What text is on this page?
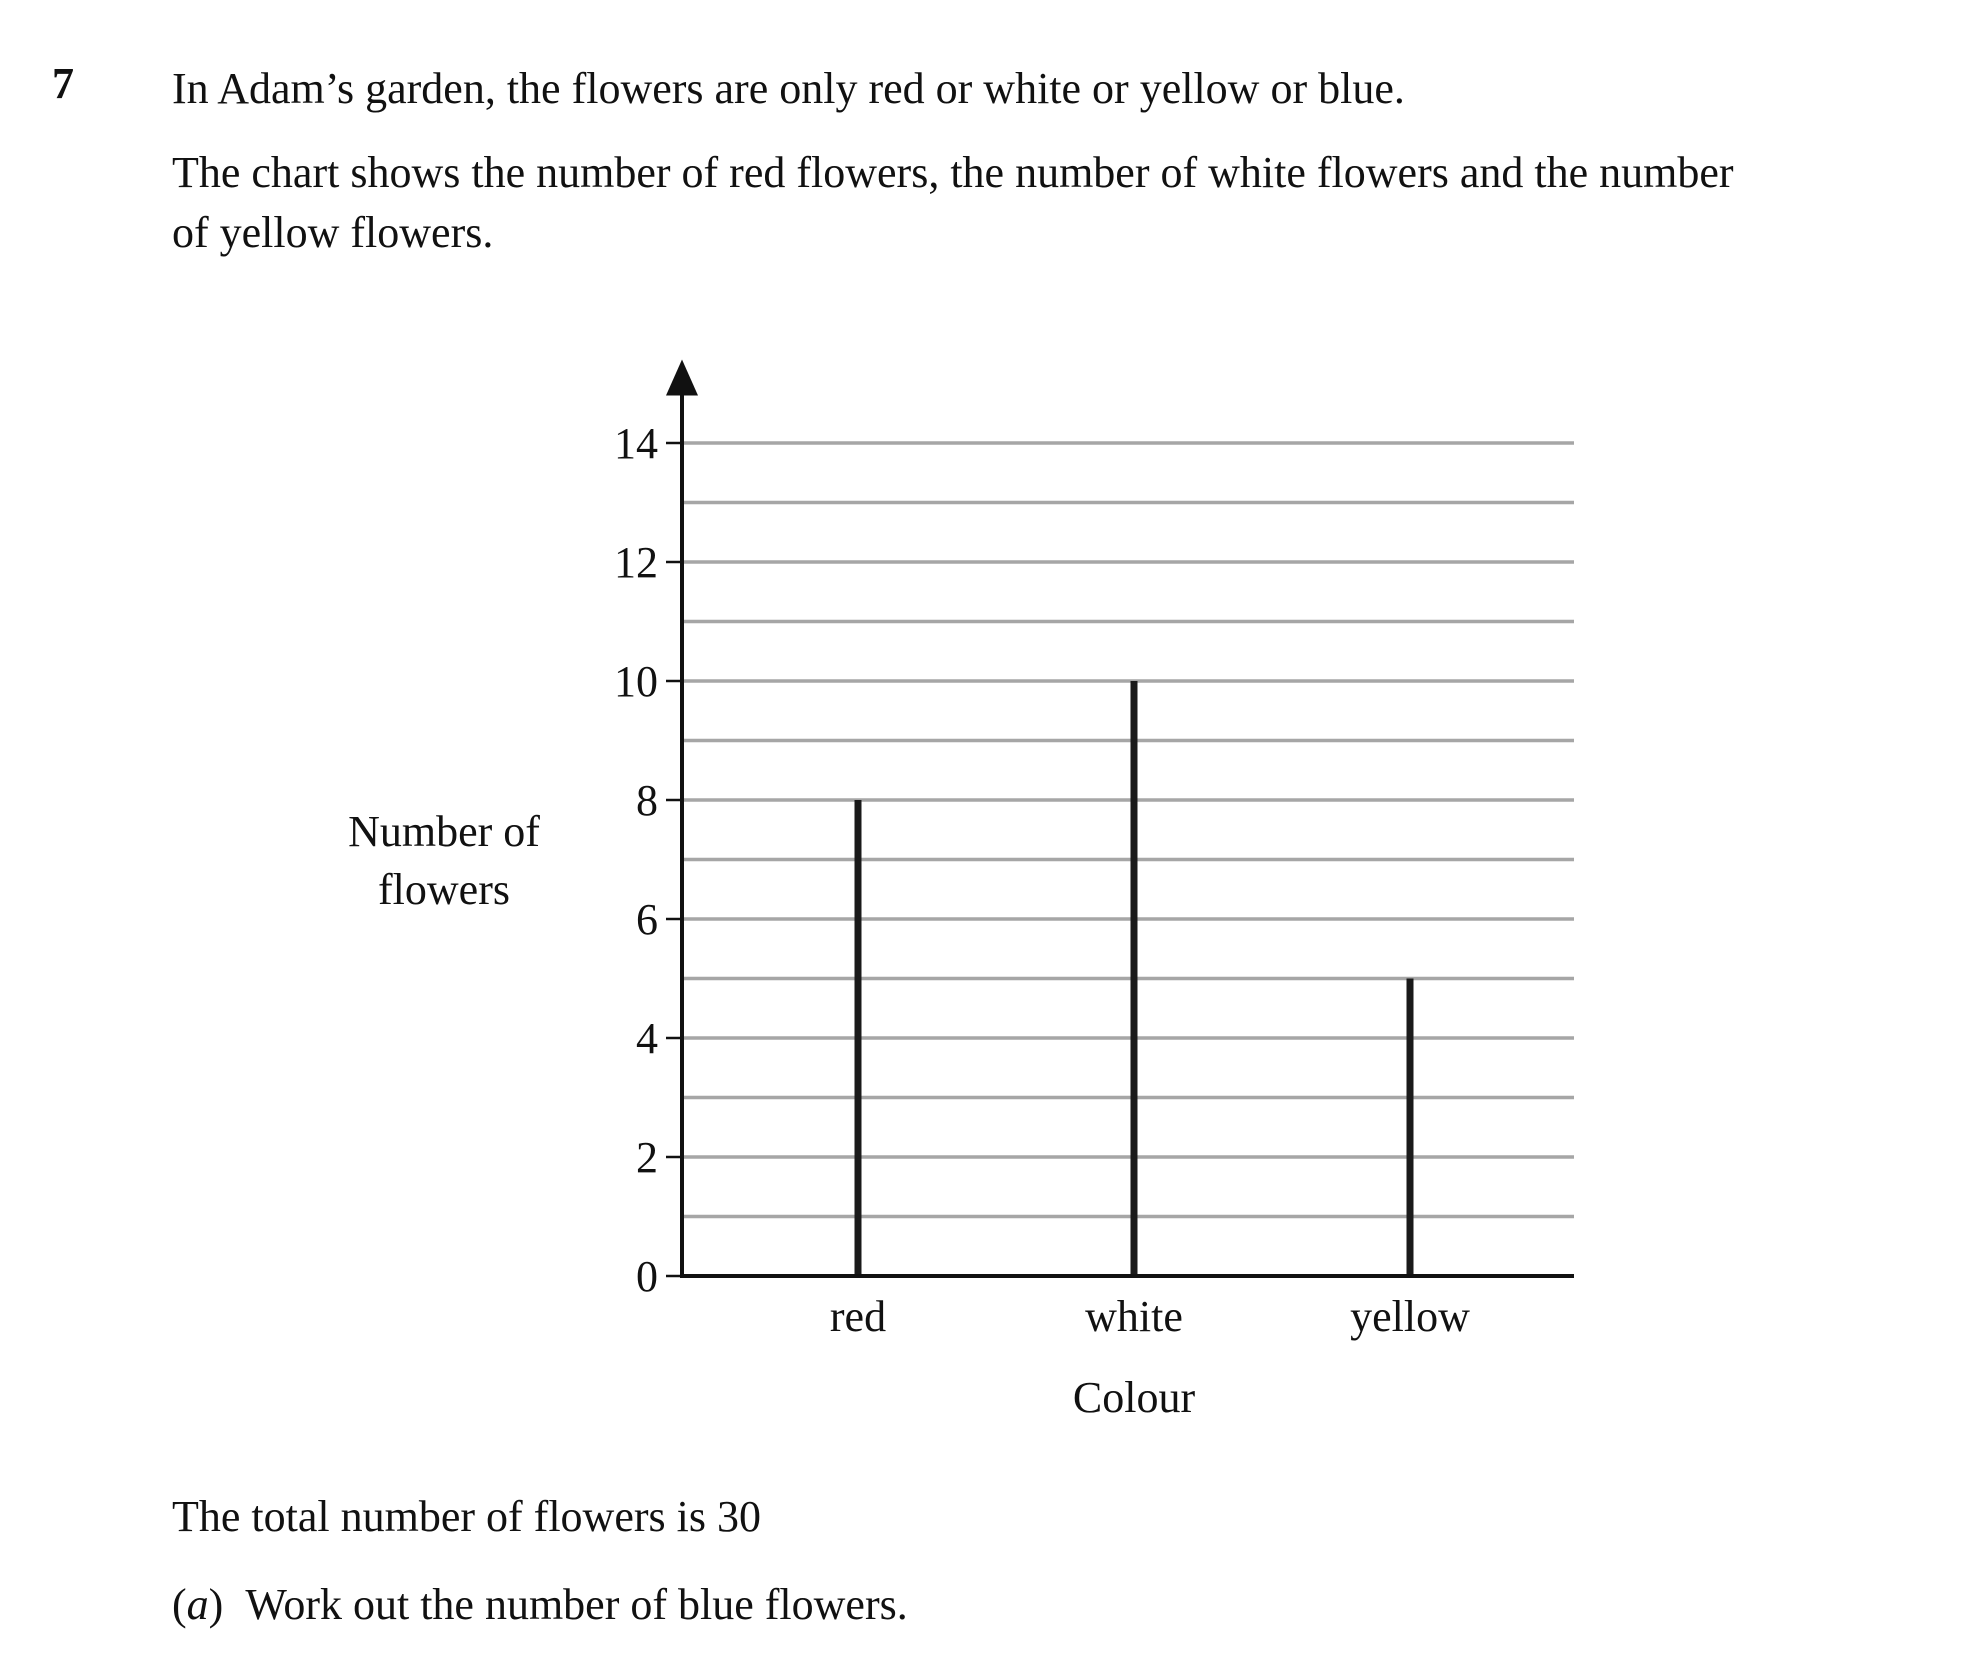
7 In Adam’s garden, the flowers are only red or white or yellow or blue.
The chart shows the number of red flowers, the number of white flowers and the number
of yellow flowers.
0
2
4
6
8
10
12
14
red	white	yellow
Colour
Number of
flowers
The total number of flowers is 30
(a) Work out the number of blue flowers.
